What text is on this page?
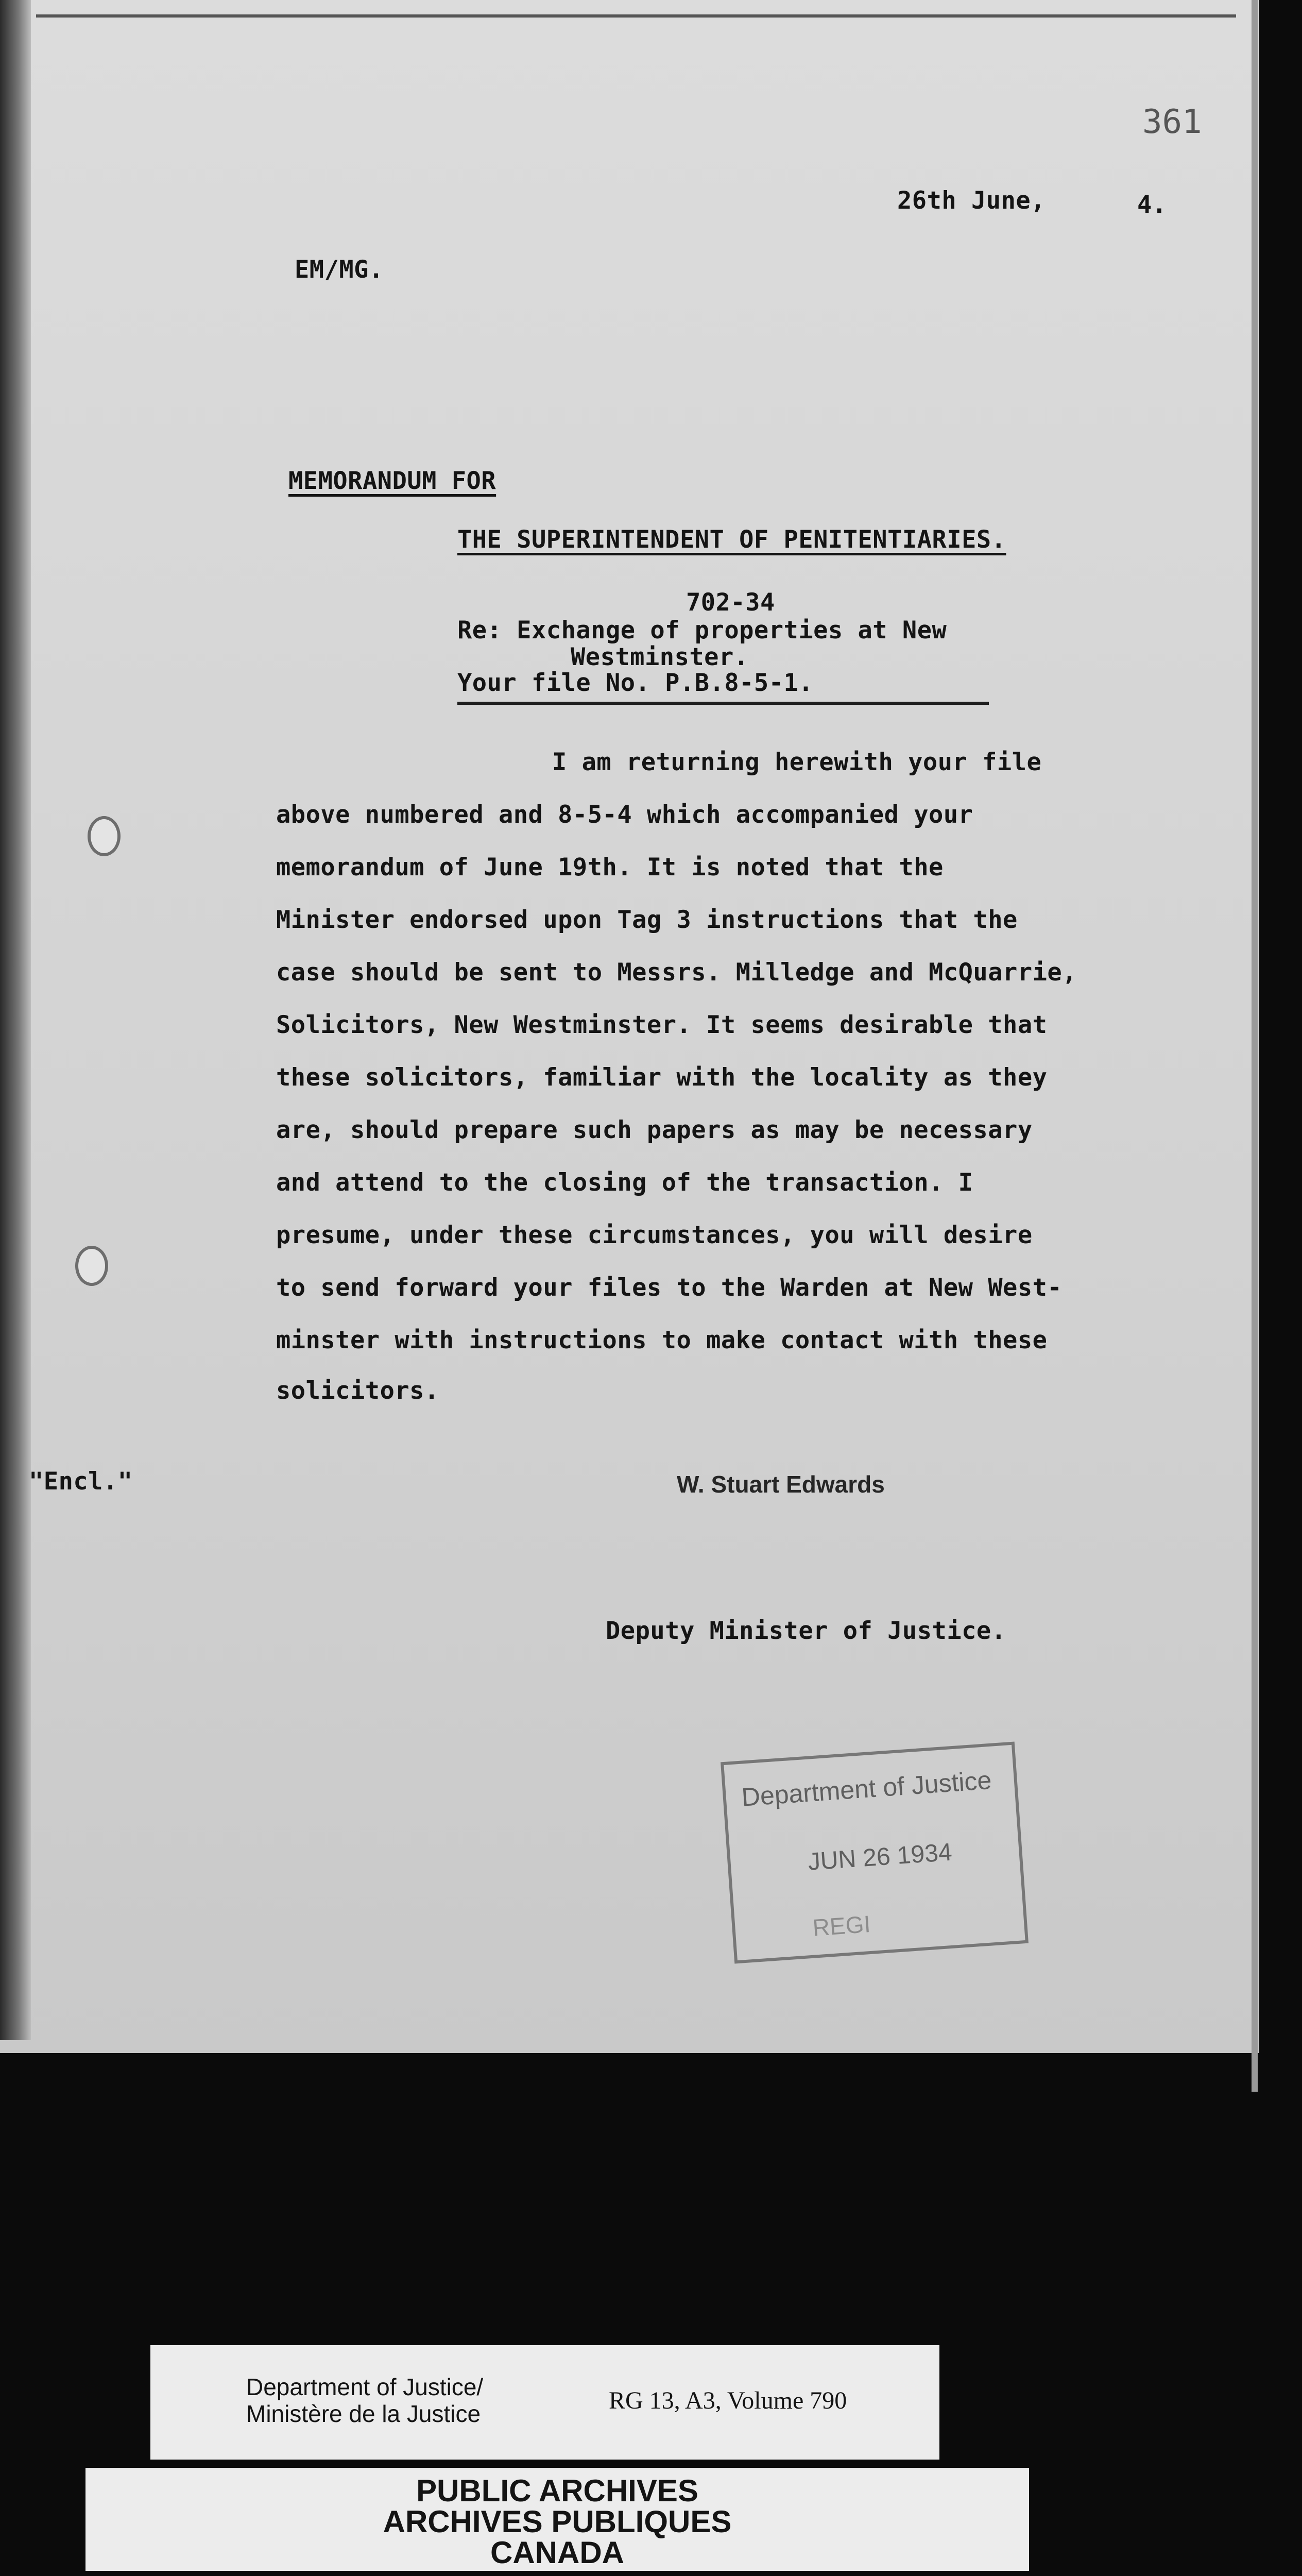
361
26th June,	4.
EM/MG.
MEMORANDUM FOR
THE SUPERINTENDENT OF PENITENTIARIES.
702-34
Re: Exchange of properties at New
Westminster.
Your file No. P.B.8-5-1.
I am returning herewith your file
above numbered and 8-5-4 which accompanied your
memorandum of June 19th. It is noted that the
Minister endorsed upon Tag 3 instructions that the
case should be sent to Messrs. Milledge and McQuarrie,
Solicitors, New Westminster. It seems desirable that
these solicitors, familiar with the locality as they
are, should prepare such papers as may be necessary
and attend to the closing of the transaction. I
presume, under these circumstances, you will desire
to send forward your files to the Warden at New West-
minster with instructions to make contact with these
solicitors.
"Encl."	W. Stuart Edwards
Deputy Minister of Justice.
Department of Justice
JUN 26 1934
REGI
Department of Justice/
Ministère de la Justice	RG 13, A3, Volume 790
PUBLIC ARCHIVES
ARCHIVES PUBLIQUES
CANADA
